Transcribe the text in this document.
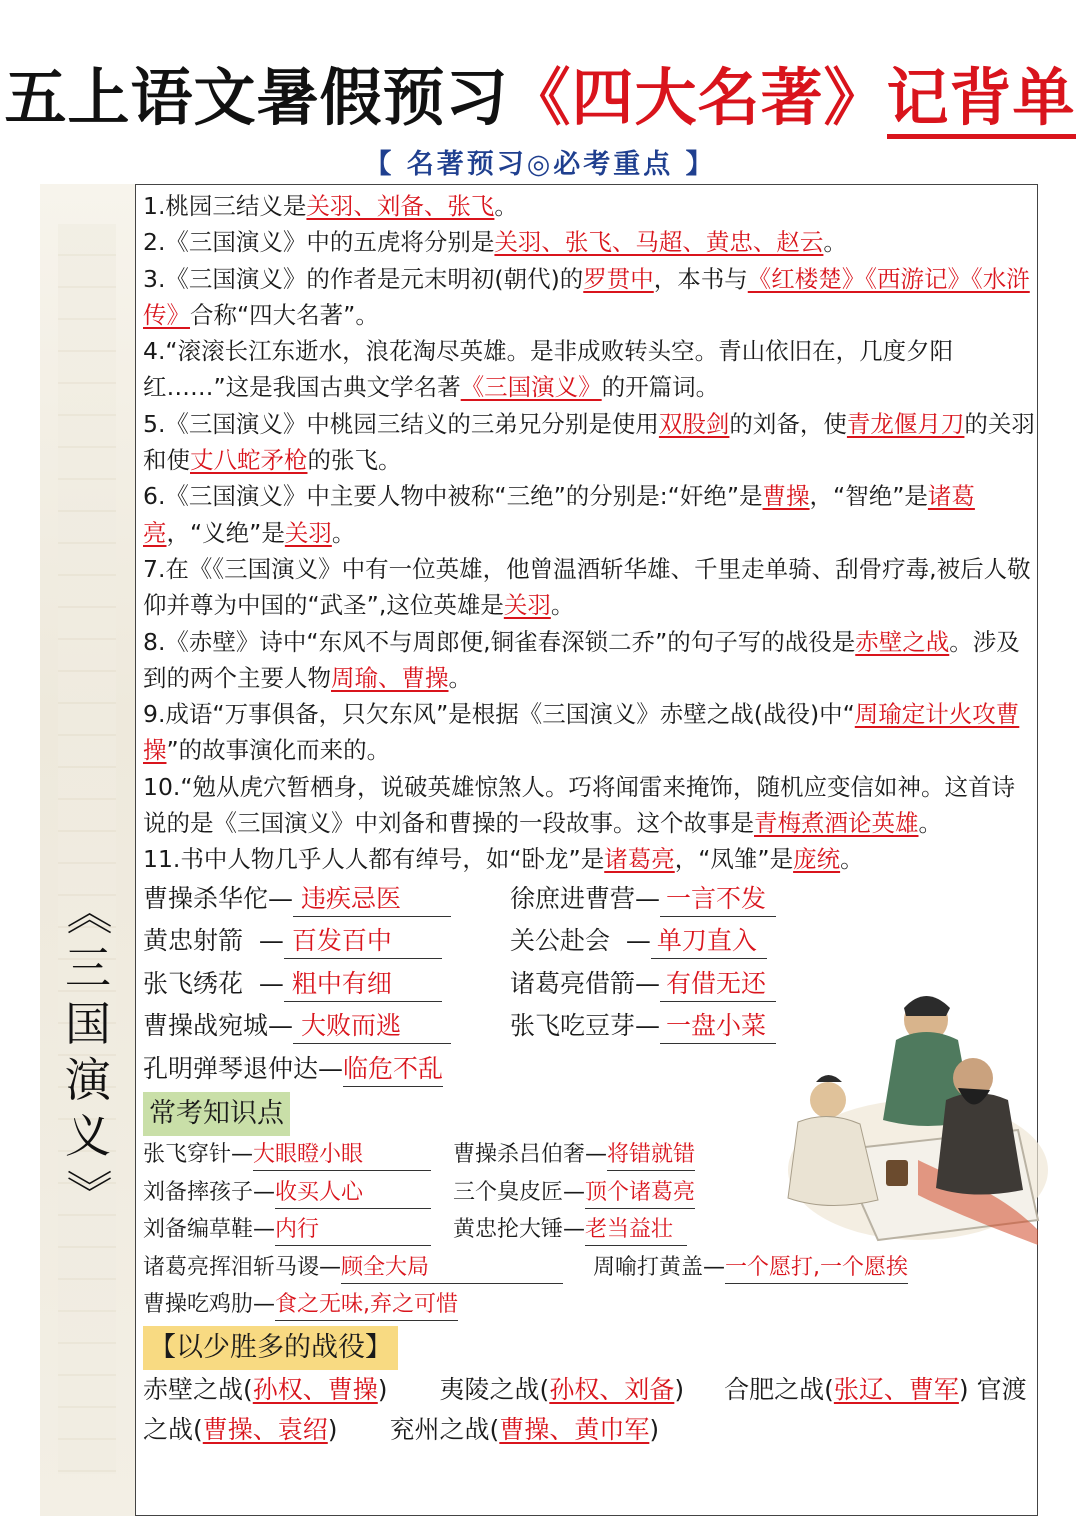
五上语文暑假预习《四大名著》记背单
【 名著预习◎必考重点 】
《
三
国
演
义
》

1.桃园三结义是关羽、刘备、张飞。

2.《三国演义》中的五虎将分别是关羽、张飞、马超、黄忠、赵云。

3.《三国演义》的作者是元末明初(朝代)的罗贯中，本书与《红楼楚》《西游记》《水浒传》合称“四大名著”。

4.“滚滚长江东逝水，浪花淘尽英雄。是非成败转头空。青山依旧在，几度夕阳红……”这是我国古典文学名著《三国演义》的开篇词。

5.《三国演义》中桃园三结义的三弟兄分别是使用双股剑的刘备，使青龙偃月刀的关羽和使丈八蛇矛枪的张飞。

6.《三国演义》中主要人物中被称“三绝”的分别是:“奸绝”是曹操，“智绝”是诸葛亮，“义绝”是关羽。

7.在《《三国演义》中有一位英雄，他曾温酒斩华雄、千里走单骑、刮骨疗毒,被后人敬仰并尊为中国的“武圣”,这位英雄是关羽。

8.《赤壁》诗中“东风不与周郎便,铜雀春深锁二乔”的句子写的战役是赤壁之战。涉及到的两个主要人物周瑜、曹操。

9.成语“万事俱备，只欠东风”是根据《三国演义》赤壁之战(战役)中“周瑜定计火攻曹操”的故事演化而来的。

10.“勉从虎穴暂栖身，说破英雄惊煞人。巧将闻雷来掩饰，随机应变信如神。这首诗说的是《三国演义》中刘备和曹操的一段故事。这个故事是青梅煮酒论英雄。

11.书中人物几乎人人都有绰号，如“卧龙”是诸葛亮，“凤雏”是庞统。

曹操杀华佗— 违疾忌医	徐庶进曹营— 一言不发
黄忠射箭  — 百发百中	关公赴会  — 单刀直入
张飞绣花  — 粗中有细	诸葛亮借箭— 有借无还
曹操战宛城— 大败而逃	张飞吃豆芽— 一盘小菜
孔明弹琴退仲达—临危不乱
常考知识点
张飞穿针—大眼瞪小眼	曹操杀吕伯奢—将错就错
刘备摔孩子—收买人心	三个臭皮匠—顶个诸葛亮
刘备编草鞋—内行	黄忠抡大锤—老当益壮
诸葛亮挥泪斩马谡—顾全大局	周喻打黄盖—一个愿打,一个愿挨
曹操吃鸡肋—食之无味,弃之可惜
【以少胜多的战役】
赤壁之战(孙权、曹操) 夷陵之战(孙权、刘备) 合肥之战(张辽、曹军) 官渡之战(曹操、袁绍) 兖州之战(曹操、黄巾军)
